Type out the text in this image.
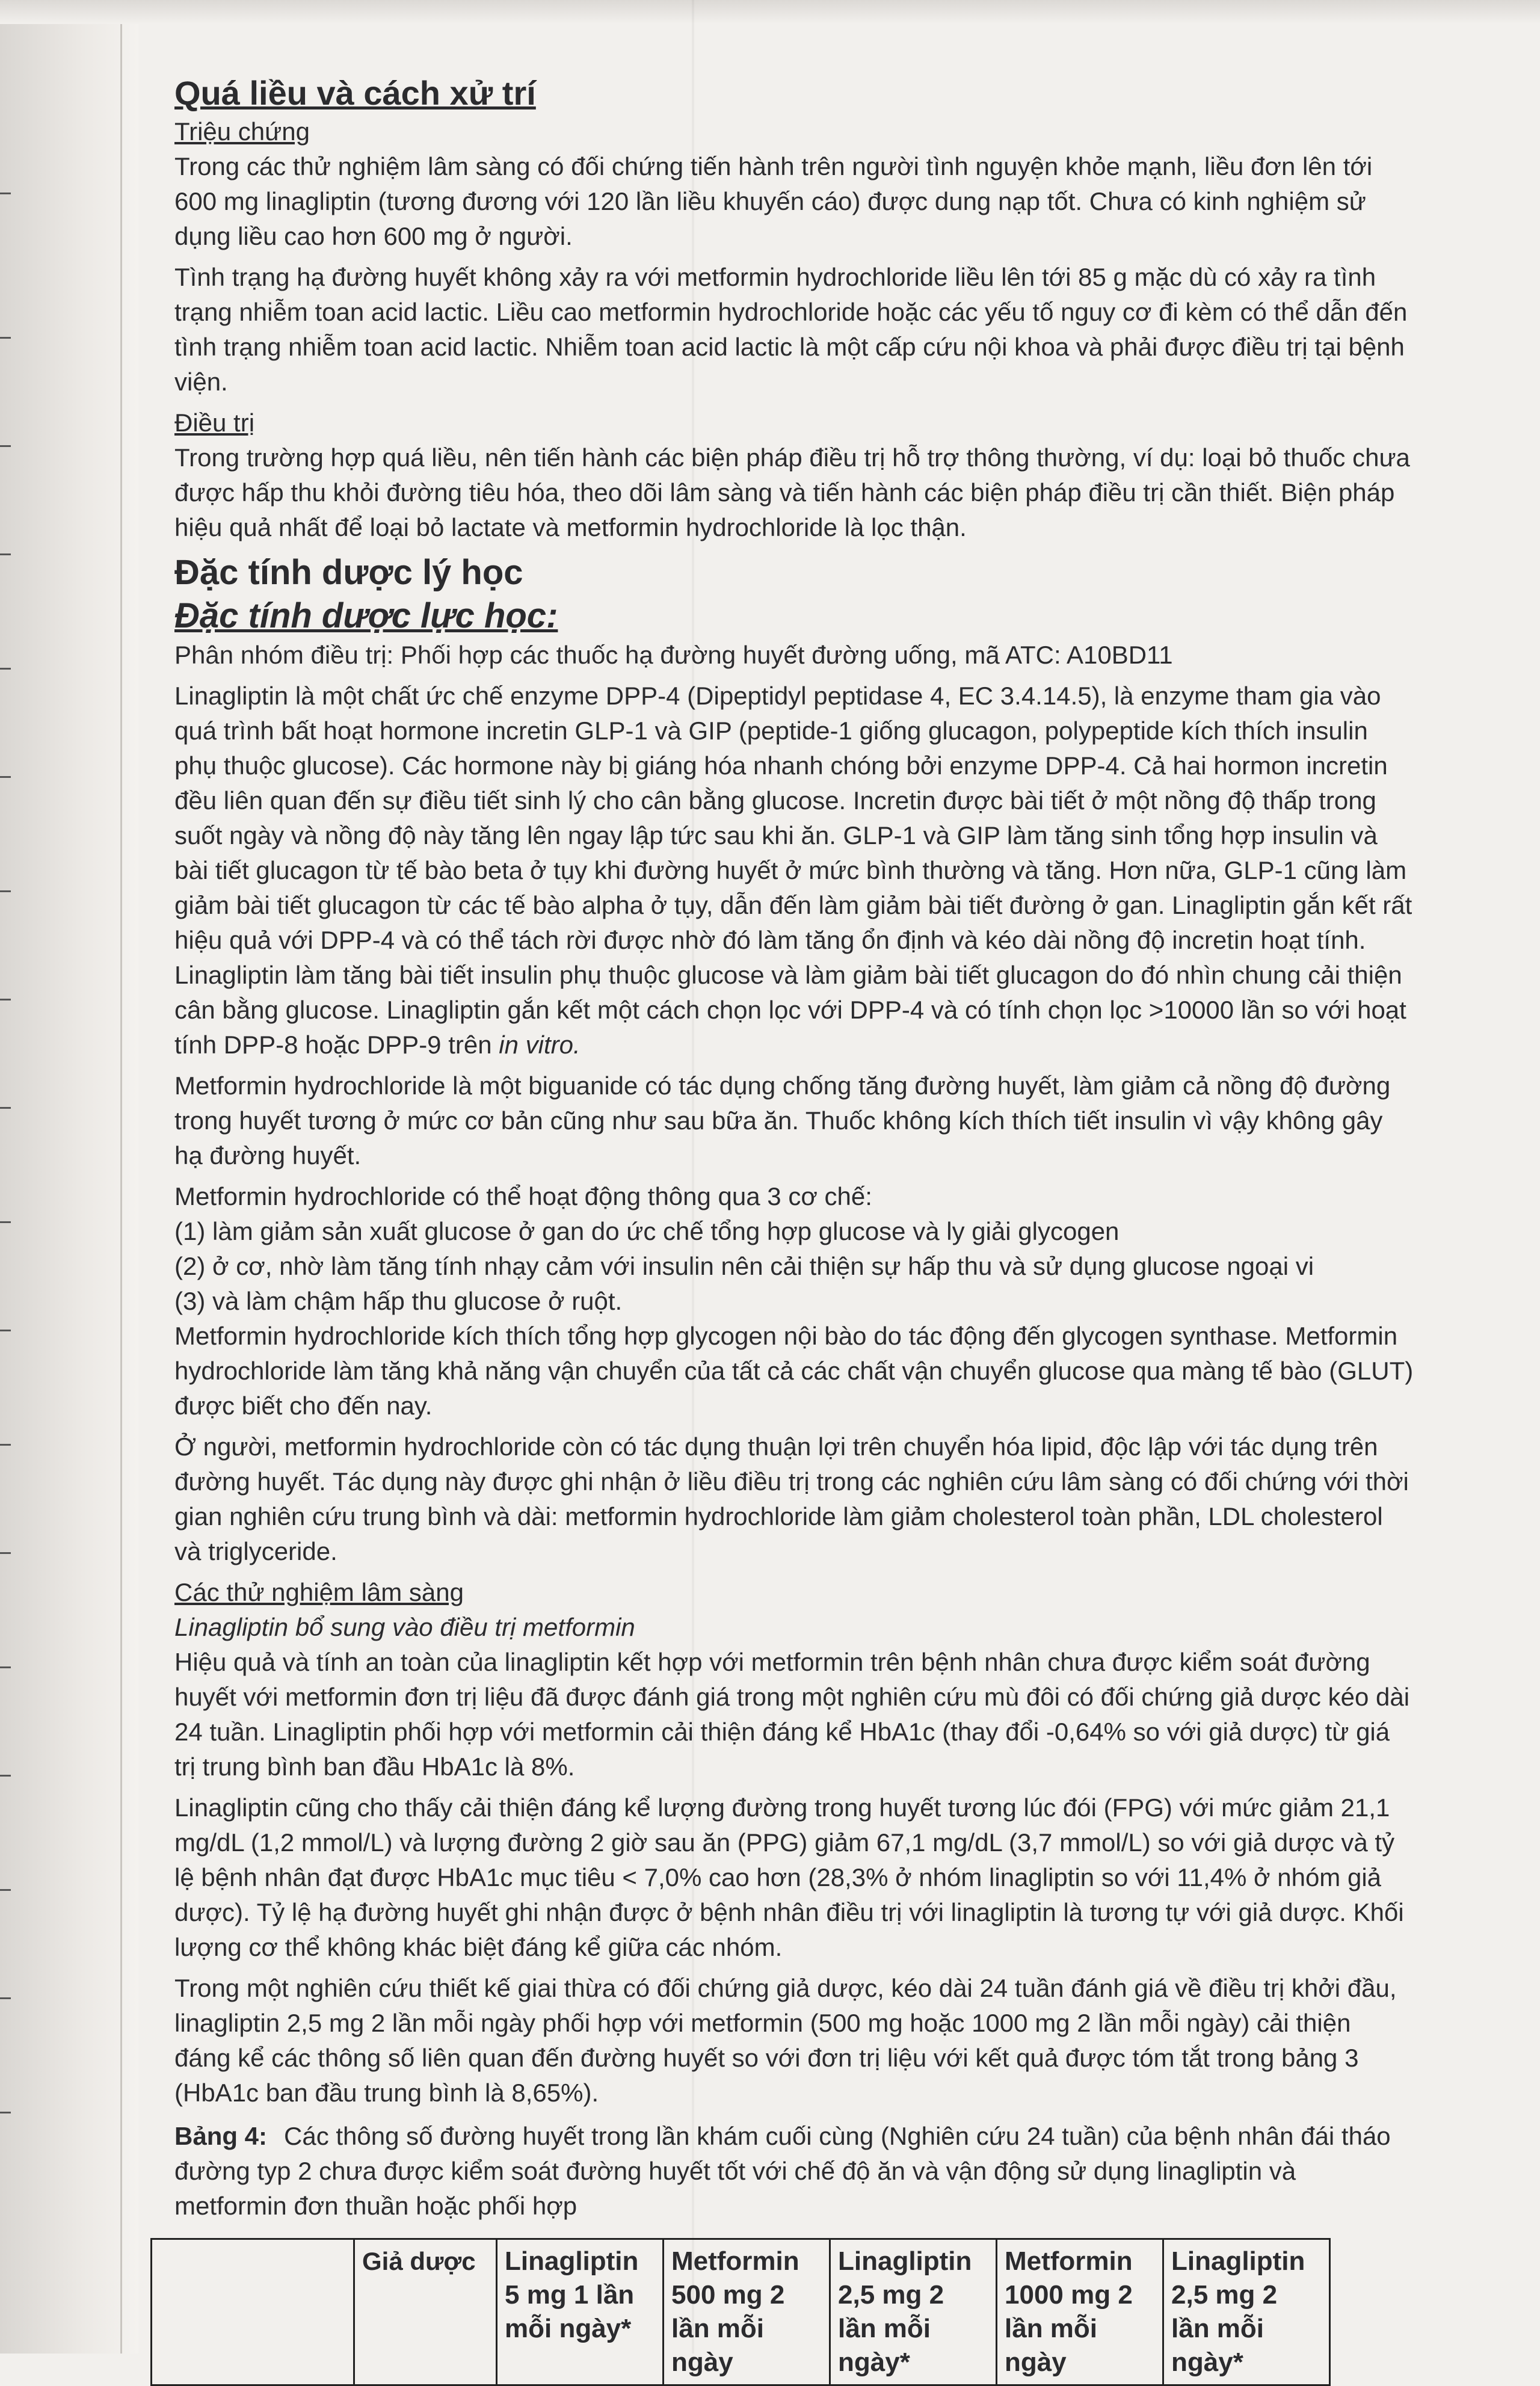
Quá liều và cách xử trí
Triệu chứng

Trong các thử nghiệm lâm sàng có đối chứng tiến hành trên người tình nguyện khỏe mạnh, liều đơn lên tới 600 mg linagliptin (tương đương với 120 lần liều khuyến cáo) được dung nạp tốt. Chưa có kinh nghiệm sử dụng liều cao hơn 600 mg ở người.

Tình trạng hạ đường huyết không xảy ra với metformin hydrochloride liều lên tới 85 g mặc dù có xảy ra tình trạng nhiễm toan acid lactic. Liều cao metformin hydrochloride hoặc các yếu tố nguy cơ đi kèm có thể dẫn đến tình trạng nhiễm toan acid lactic. Nhiễm toan acid lactic là một cấp cứu nội khoa và phải được điều trị tại bệnh viện.

Điều trị

Trong trường hợp quá liều, nên tiến hành các biện pháp điều trị hỗ trợ thông thường, ví dụ: loại bỏ thuốc chưa được hấp thu khỏi đường tiêu hóa, theo dõi lâm sàng và tiến hành các biện pháp điều trị cần thiết. Biện pháp hiệu quả nhất để loại bỏ lactate và metformin hydrochloride là lọc thận.

Đặc tính dược lý học
Đặc tính dược lực học:

Phân nhóm điều trị: Phối hợp các thuốc hạ đường huyết đường uống, mã ATC: A10BD11

Linagliptin là một chất ức chế enzyme DPP-4 (Dipeptidyl peptidase 4, EC 3.4.14.5), là enzyme tham gia vào quá trình bất hoạt hormone incretin GLP-1 và GIP (peptide-1 giống glucagon, polypeptide kích thích insulin phụ thuộc glucose). Các hormone này bị giáng hóa nhanh chóng bởi enzyme DPP-4. Cả hai hormon incretin đều liên quan đến sự điều tiết sinh lý cho cân bằng glucose. Incretin được bài tiết ở một nồng độ thấp trong suốt ngày và nồng độ này tăng lên ngay lập tức sau khi ăn. GLP-1 và GIP làm tăng sinh tổng hợp insulin và bài tiết glucagon từ tế bào beta ở tụy khi đường huyết ở mức bình thường và tăng. Hơn nữa, GLP-1 cũng làm giảm bài tiết glucagon từ các tế bào alpha ở tụy, dẫn đến làm giảm bài tiết đường ở gan. Linagliptin gắn kết rất hiệu quả với DPP-4 và có thể tách rời được nhờ đó làm tăng ổn định và kéo dài nồng độ incretin hoạt tính. Linagliptin làm tăng bài tiết insulin phụ thuộc glucose và làm giảm bài tiết glucagon do đó nhìn chung cải thiện cân bằng glucose. Linagliptin gắn kết một cách chọn lọc với DPP-4 và có tính chọn lọc >10000 lần so với hoạt tính DPP-8 hoặc DPP-9 trên in vitro.

Metformin hydrochloride là một biguanide có tác dụng chống tăng đường huyết, làm giảm cả nồng độ đường trong huyết tương ở mức cơ bản cũng như sau bữa ăn. Thuốc không kích thích tiết insulin vì vậy không gây hạ đường huyết.

Metformin hydrochloride có thể hoạt động thông qua 3 cơ chế:
(1) làm giảm sản xuất glucose ở gan do ức chế tổng hợp glucose và ly giải glycogen
(2) ở cơ, nhờ làm tăng tính nhạy cảm với insulin nên cải thiện sự hấp thu và sử dụng glucose ngoại vi
(3) và làm chậm hấp thu glucose ở ruột.

Metformin hydrochloride kích thích tổng hợp glycogen nội bào do tác động đến glycogen synthase. Metformin hydrochloride làm tăng khả năng vận chuyển của tất cả các chất vận chuyển glucose qua màng tế bào (GLUT) được biết cho đến nay.

Ở người, metformin hydrochloride còn có tác dụng thuận lợi trên chuyển hóa lipid, độc lập với tác dụng trên đường huyết. Tác dụng này được ghi nhận ở liều điều trị trong các nghiên cứu lâm sàng có đối chứng với thời gian nghiên cứu trung bình và dài: metformin hydrochloride làm giảm cholesterol toàn phần, LDL cholesterol và triglyceride.

Các thử nghiệm lâm sàng
Linagliptin bổ sung vào điều trị metformin

Hiệu quả và tính an toàn của linagliptin kết hợp với metformin trên bệnh nhân chưa được kiểm soát đường huyết với metformin đơn trị liệu đã được đánh giá trong một nghiên cứu mù đôi có đối chứng giả dược kéo dài 24 tuần. Linagliptin phối hợp với metformin cải thiện đáng kể HbA1c (thay đổi -0,64% so với giả dược) từ giá trị trung bình ban đầu HbA1c là 8%.

Linagliptin cũng cho thấy cải thiện đáng kể lượng đường trong huyết tương lúc đói (FPG) với mức giảm 21,1 mg/dL (1,2 mmol/L) và lượng đường 2 giờ sau ăn (PPG) giảm 67,1 mg/dL (3,7 mmol/L) so với giả dược và tỷ lệ bệnh nhân đạt được HbA1c mục tiêu < 7,0% cao hơn (28,3% ở nhóm linagliptin so với 11,4% ở nhóm giả dược). Tỷ lệ hạ đường huyết ghi nhận được ở bệnh nhân điều trị với linagliptin là tương tự với giả dược. Khối lượng cơ thể không khác biệt đáng kể giữa các nhóm.

Trong một nghiên cứu thiết kế giai thừa có đối chứng giả dược, kéo dài 24 tuần đánh giá về điều trị khởi đầu, linagliptin 2,5 mg 2 lần mỗi ngày phối hợp với metformin (500 mg hoặc 1000 mg 2 lần mỗi ngày) cải thiện đáng kể các thông số liên quan đến đường huyết so với đơn trị liệu với kết quả được tóm tắt trong bảng 3 (HbA1c ban đầu trung bình là 8,65%).

Bảng 4: Các thông số đường huyết trong lần khám cuối cùng (Nghiên cứu 24 tuần) của bệnh nhân đái tháo đường typ 2 chưa được kiểm soát đường huyết tốt với chế độ ăn và vận động sử dụng linagliptin và metformin đơn thuần hoặc phối hợp
	Giả dược	Linagliptin 5 mg 1 lần mỗi ngày*	Metformin 500 mg 2 lần mỗi ngày	Linagliptin 2,5 mg 2 lần mỗi ngày*	Metformin 1000 mg 2 lần mỗi ngày	Linagliptin 2,5 mg 2 lần mỗi ngày*
